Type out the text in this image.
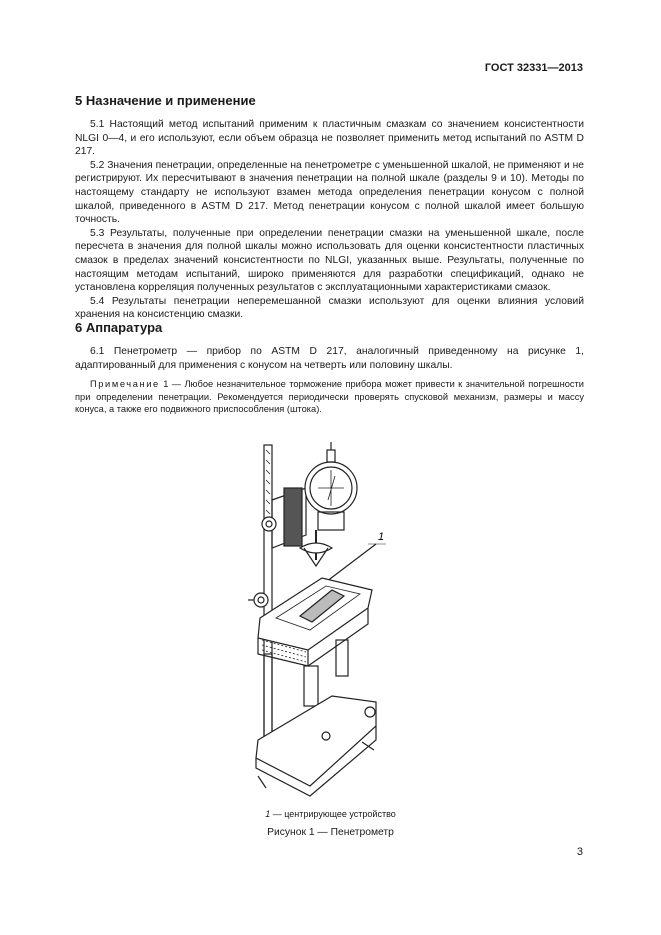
ГОСТ 32331—2013
5 Назначение и применение

5.1 Настоящий метод испытаний применим к пластичным смазкам со значением консистентности NLGI 0—4, и его используют, если объем образца не позволяет применить метод испытаний по ASTM D 217.

5.2 Значения пенетрации, определенные на пенетрометре с уменьшенной шкалой, не применяют и не регистрируют. Их пересчитывают в значения пенетрации на полной шкале (разделы 9 и 10). Методы по настоящему стандарту не используют взамен метода определения пенетрации конусом с полной шкалой, приведенного в ASTM D 217. Метод пенетрации конусом с полной шкалой имеет большую точность.

5.3 Результаты, полученные при определении пенетрации смазки на уменьшенной шкале, после пересчета в значения для полной шкалы можно использовать для оценки консистентности пластичных смазок в пределах значений консистентности по NLGI, указанных выше. Результаты, полученные по настоящим методам испытаний, широко применяются для разработки спецификаций, однако не установлена корреляция полученных результатов с эксплуатационными характеристиками смазок.

5.4 Результаты пенетрации неперемешанной смазки используют для оценки влияния условий хранения на консистенцию смазки.

6 Аппаратура

6.1 Пенетрометр — прибор по ASTM D 217, аналогичный приведенному на рисунке 1, адаптированный для применения с конусом на четверть или половину шкалы.

Примечание 1 — Любое незначительное торможение прибора может привести к значительной погрешности при определении пенетрации. Рекомендуется периодически проверять спусковой механизм, размеры и массу конуса, а также его подвижного приспособления (штока).

1
1 — центрирующее устройство
Рисунок 1 — Пенетрометр
3
